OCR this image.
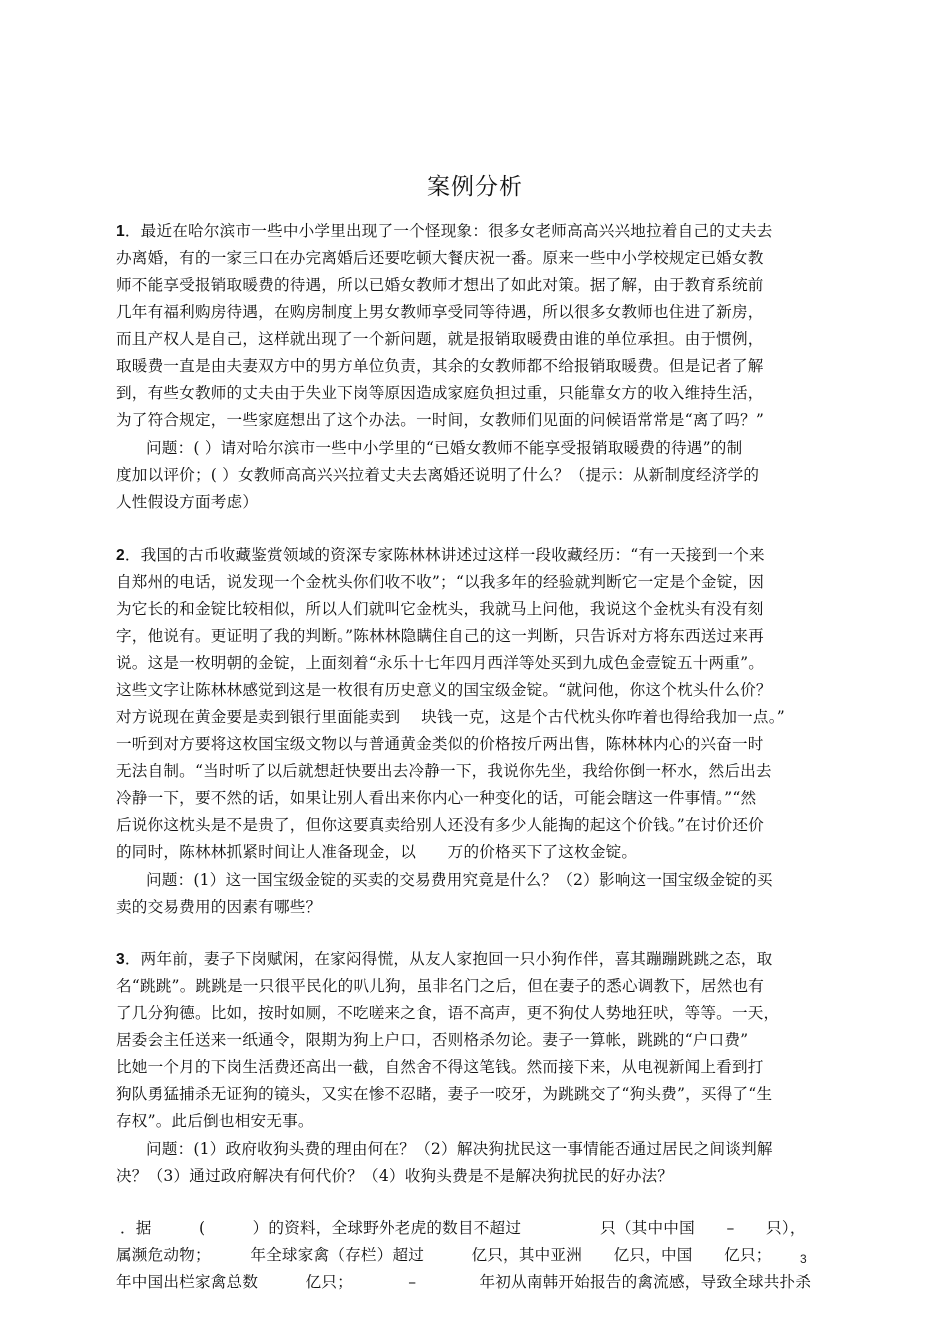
案例分析
1．最近在哈尔滨市一些中小学里出现了一个怪现象：很多女老师高高兴兴地拉着自己的丈夫去
办离婚，有的一家三口在办完离婚后还要吃顿大餐庆祝一番。原来一些中小学校规定已婚女教
师不能享受报销取暖费的待遇，所以已婚女教师才想出了如此对策。据了解，由于教育系统前
几年有福利购房待遇，在购房制度上男女教师享受同等待遇，所以很多女教师也住进了新房，
而且产权人是自己，这样就出现了一个新问题，就是报销取暖费由谁的单位承担。由于惯例，
取暖费一直是由夫妻双方中的男方单位负责，其余的女教师都不给报销取暖费。但是记者了解
到，有些女教师的丈夫由于失业下岗等原因造成家庭负担过重，只能靠女方的收入维持生活，
为了符合规定，一些家庭想出了这个办法。一时间，女教师们见面的问候语常常是“离了吗？”
问题：( ）请对哈尔滨市一些中小学里的“已婚女教师不能享受报销取暖费的待遇”的制
度加以评价；( ）女教师高高兴兴拉着丈夫去离婚还说明了什么？（提示：从新制度经济学的
人性假设方面考虑）
2．我国的古币收藏鉴赏领域的资深专家陈林林讲述过这样一段收藏经历：“有一天接到一个来
自郑州的电话，说发现一个金枕头你们收不收”；“以我多年的经验就判断它一定是个金锭，因
为它长的和金锭比较相似，所以人们就叫它金枕头，我就马上问他，我说这个金枕头有没有刻
字，他说有。更证明了我的判断。”陈林林隐瞒住自己的这一判断，只告诉对方将东西送过来再
说。这是一枚明朝的金锭，上面刻着“永乐十七年四月西洋等处买到九成色金壹锭五十两重”。
这些文字让陈林林感觉到这是一枚很有历史意义的国宝级金锭。“就问他，你这个枕头什么价？
对方说现在黄金要是卖到银行里面能卖到　 块钱一克，这是个古代枕头你咋着也得给我加一点。”
一听到对方要将这枚国宝级文物以与普通黄金类似的价格按斤两出售，陈林林内心的兴奋一时
无法自制。“当时听了以后就想赶快要出去冷静一下，我说你先坐，我给你倒一杯水，然后出去
冷静一下，要不然的话，如果让别人看出来你内心一种变化的话，可能会瞎这一件事情。”“然
后说你这枕头是不是贵了，但你这要真卖给别人还没有多少人能掏的起这个价钱。”在讨价还价
的同时，陈林林抓紧时间让人准备现金，以　　万的价格买下了这枚金锭。
问题：(1）这一国宝级金锭的买卖的交易费用究竟是什么？（2）影响这一国宝级金锭的买
卖的交易费用的因素有哪些？
3．两年前，妻子下岗赋闲，在家闷得慌，从友人家抱回一只小狗作伴，喜其蹦蹦跳跳之态，取
名“跳跳”。跳跳是一只很平民化的叭儿狗，虽非名门之后，但在妻子的悉心调教下，居然也有
了几分狗德。比如，按时如厕，不吃嗟来之食，语不高声，更不狗仗人势地狂吠，等等。一天，
居委会主任送来一纸通令，限期为狗上户口，否则格杀勿论。妻子一算帐，跳跳的“户口费”
比她一个月的下岗生活费还高出一截，自然舍不得这笔钱。然而接下来，从电视新闻上看到打
狗队勇猛捕杀无证狗的镜头，又实在惨不忍睹，妻子一咬牙，为跳跳交了“狗头费”，买得了“生
存权”。此后倒也相安无事。
问题：(1）政府收狗头费的理由何在？（2）解决狗扰民这一事情能否通过居民之间谈判解
决？（3）通过政府解决有何代价？（4）收狗头费是不是解决狗扰民的好办法？
．据　　　(　　　）的资料，全球野外老虎的数目不超过　　　　　只（其中中国　　–　　只），
属濒危动物；　　　年全球家禽（存栏）超过　　　亿只，其中亚洲　　亿只，中国　　亿只；
年中国出栏家禽总数　　　亿只；　　　　–　　　　年初从南韩开始报告的禽流感，导致全球共扑杀
3
